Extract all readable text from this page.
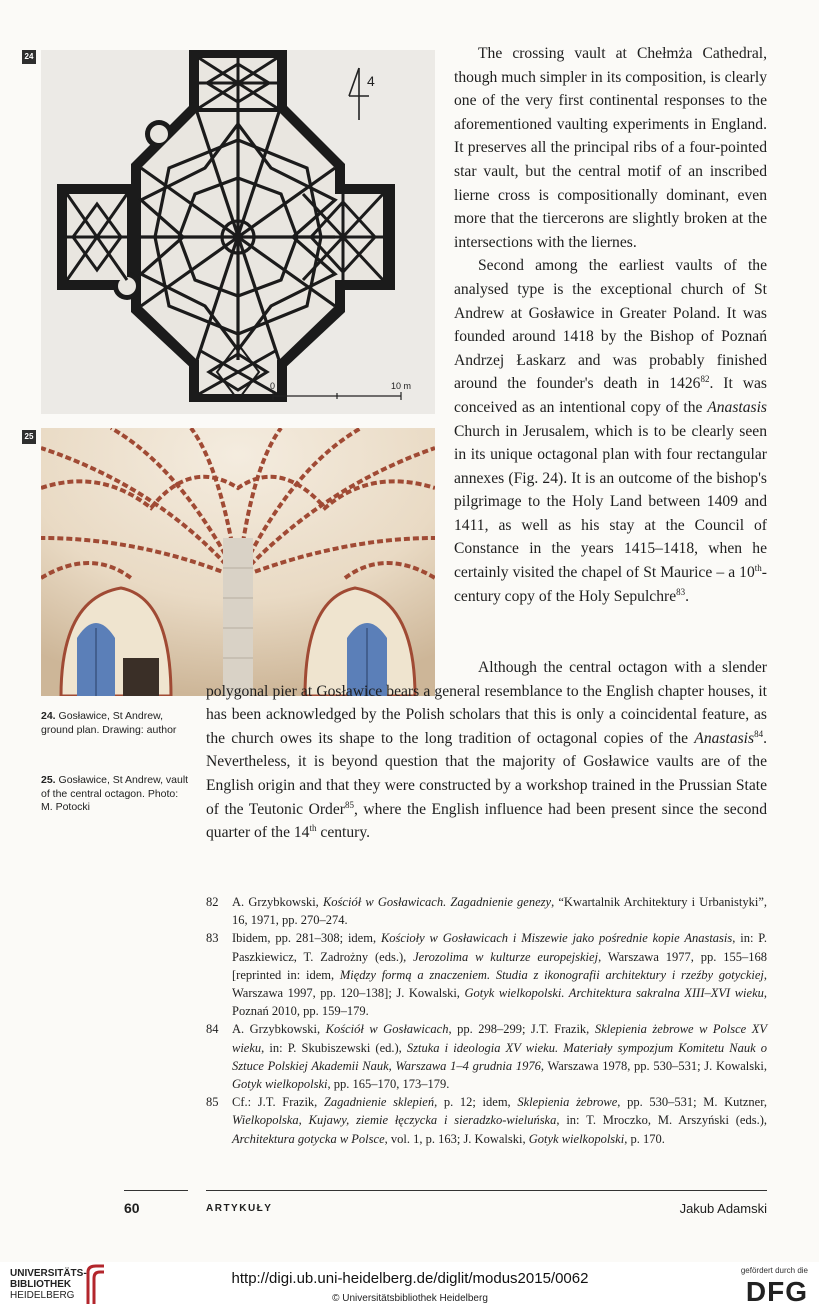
24
4
0	10 m
25
24. Gosławice, St Andrew, ground plan. Drawing: author
25. Gosławice, St Andrew, vault of the central octagon. Photo: M. Potocki

The crossing vault at Chełmża Cathedral, though much simpler in its composition, is clearly one of the very first continental responses to the aforementioned vaulting experiments in England. It preserves all the principal ribs of a four-pointed star vault, but the central motif of an inscribed lierne cross is compositionally dominant, even more that the tiercerons are slightly broken at the intersections with the liernes.

Second among the earliest vaults of the analysed type is the exceptional church of St Andrew at Gosławice in Greater Poland. It was founded around 1418 by the Bishop of Poznań Andrzej Łaskarz and was probably finished around the founder's death in 1426$^{82}$. It was conceived as an intentional copy of the Anastasis Church in Jerusalem, which is to be clearly seen in its unique octagonal plan with four rectangular annexes (Fig. 24). It is an outcome of the bishop's pilgrimage to the Holy Land between 1409 and 1411, as well as his stay at the Council of Constance in the years 1415–1418, when he certainly visited the chapel of St Maurice – a 10th-century copy of the Holy Sepulchre$^{83}$.

Although the central octagon with a slender polygonal pier at Gosławice bears a general resemblance to the English chapter houses, it has been acknowledged by the Polish scholars that this is only a coincidental feature, as the church owes its shape to the long tradition of octagonal copies of the Anastasis$^{84}$. Nevertheless, it is beyond question that the majority of Gosławice vaults are of the English origin and that they were constructed by a workshop trained in the Prussian State of the Teutonic Order$^{85}$, where the English influence had been present since the second quarter of the 14th century.

82 A. Grzybkowski, Kościół w Gosławicach. Zagadnienie genezy, “Kwartalnik Architektury i Urbanistyki”, 16, 1971, pp. 270–274.

83 Ibidem, pp. 281–308; idem, Kościoły w Gosławicach i Miszewie jako pośrednie kopie Anastasis, in: P. Paszkiewicz, T. Zadrożny (eds.), Jerozolima w kulturze europejskiej, Warszawa 1977, pp. 155–168 [reprinted in: idem, Między formą a znaczeniem. Studia z ikonografii architektury i rzeźby gotyckiej, Warszawa 1997, pp. 120–138]; J. Kowalski, Gotyk wielkopolski. Architektura sakralna XIII–XVI wieku, Poznań 2010, pp. 159–179.

84 A. Grzybkowski, Kościół w Gosławicach, pp. 298–299; J.T. Frazik, Sklepienia żebrowe w Polsce XV wieku, in: P. Skubiszewski (ed.), Sztuka i ideologia XV wieku. Materiały sympozjum Komitetu Nauk o Sztuce Polskiej Akademii Nauk, Warszawa 1–4 grudnia 1976, Warszawa 1978, pp. 530–531; J. Kowalski, Gotyk wielkopolski, pp. 165–170, 173–179.

85 Cf.: J.T. Frazik, Zagadnienie sklepień, p. 12; idem, Sklepienia żebrowe, pp. 530–531; M. Kutzner, Wielkopolska, Kujawy, ziemie łęczycka i sieradzko-wieluńska, in: T. Mroczko, M. Arszyński (eds.), Architektura gotycka w Polsce, vol. 1, p. 163; J. Kowalski, Gotyk wielkopolski, p. 170.

60	ARTYKUŁY	Jakub Adamski
UNIVERSITÄTS-
BIBLIOTHEK
HEIDELBERG
http://digi.ub.uni-heidelberg.de/diglit/modus2015/0062
© Universitätsbibliothek Heidelberg
gefördert durch die
DFG
